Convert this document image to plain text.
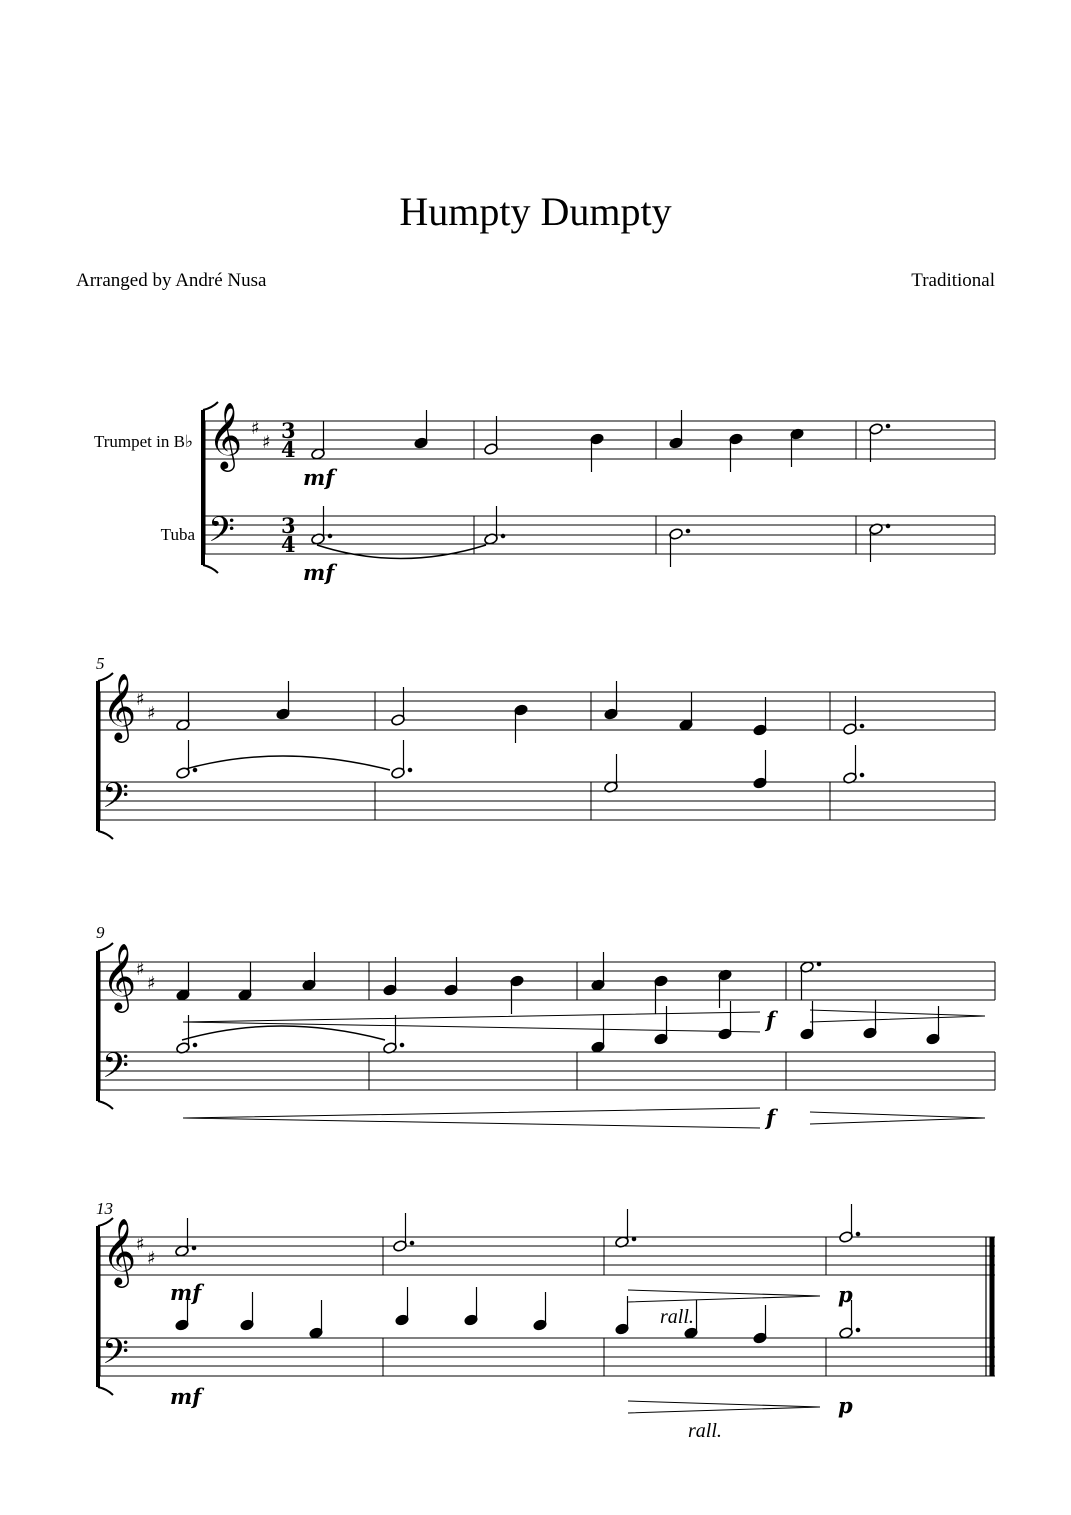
Humpty Dumpty
Arranged by André Nusa	Traditional
𝄞
𝄢
𝄞
𝄢
𝄞
𝄢
𝄞
𝄢
♯
♯
♯
♯
♯
♯
♯
♯
3
4
3
4
Trumpet in B♭
Tuba
5
9
13
mf
mf
f
f
mf
mf
p
p
rall.
rall.
